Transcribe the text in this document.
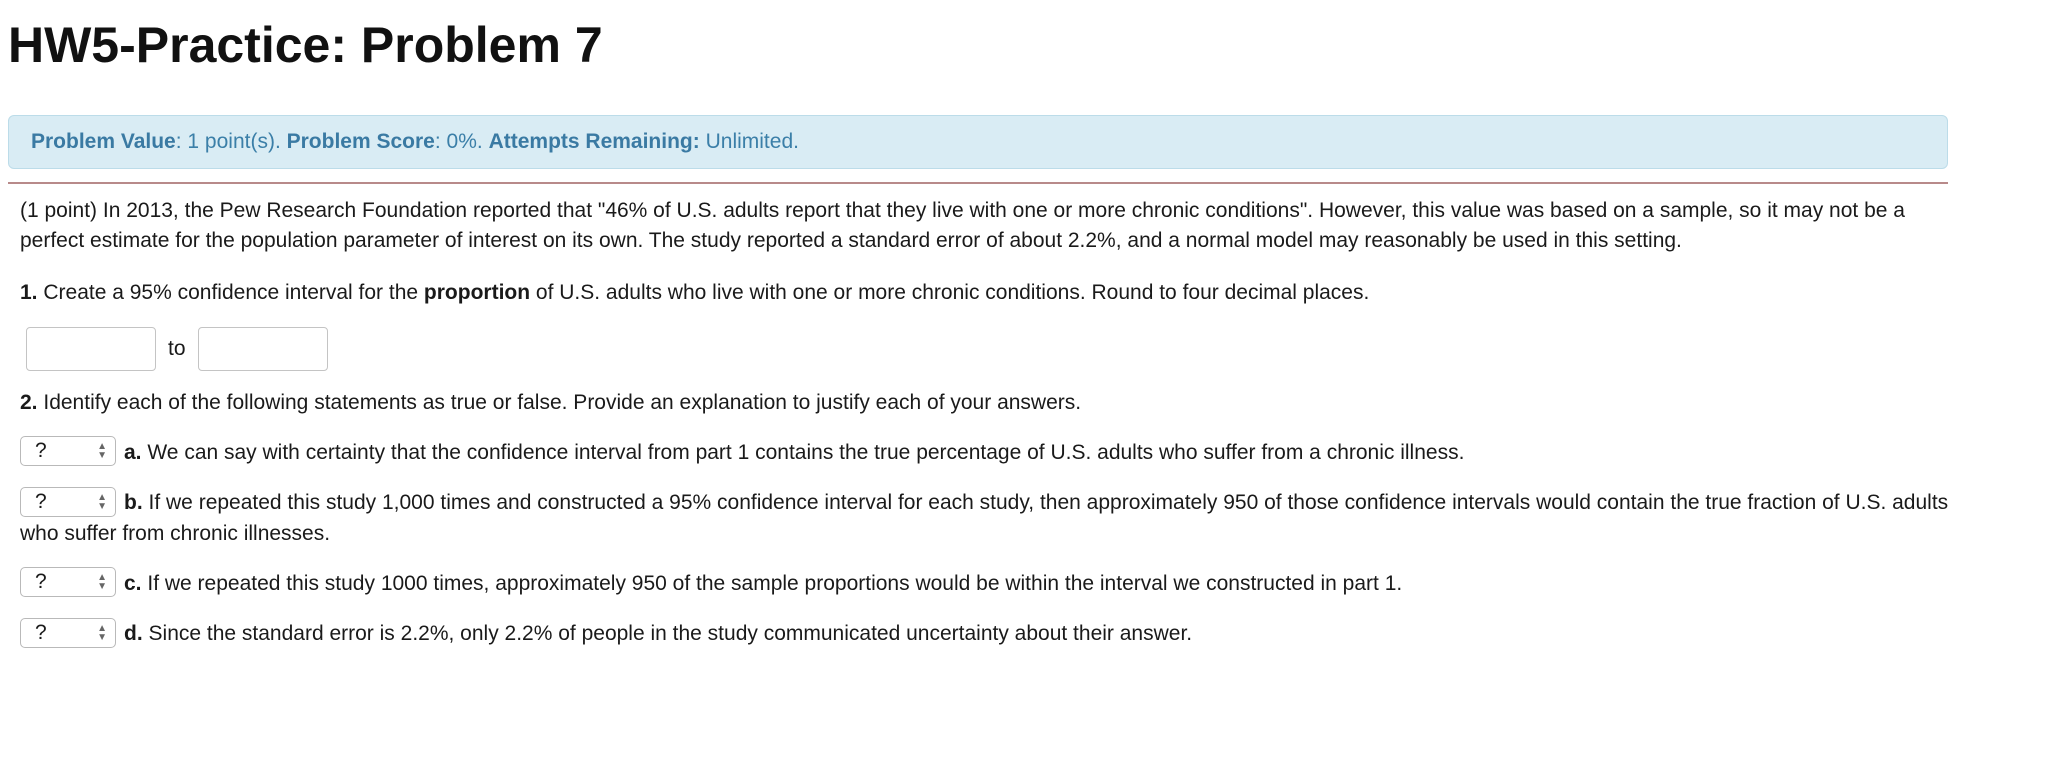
HW5-Practice: Problem 7
Problem Value : 1 point(s).
Problem Score : 0%.
Attempts Remaining:
Unlimited.

(1 point) In 2013, the Pew Research Foundation reported that "46% of U.S. adults report that they live with one or more chronic conditions". However, this value was based on a sample, so it may not be a perfect estimate for the population parameter of interest on its own. The study reported a standard error of about 2.2%, and a normal model may reasonably be used in this setting.

1. Create a 95% confidence interval for the proportion of U.S. adults who live with one or more chronic conditions. Round to four decimal places.

to

2. Identify each of the following statements as true or false. Provide an explanation to justify each of your answers.

?	▲
▼ a. We can say with certainty that the confidence interval from part 1 contains the true percentage of U.S. adults who suffer from a chronic illness.

?	▲
▼ b. If we repeated this study 1,000 times and constructed a 95% confidence interval for each study, then approximately 950 of those confidence intervals would contain the true fraction of U.S. adults who suffer from chronic illnesses.

?	▲
▼ c. If we repeated this study 1000 times, approximately 950 of the sample proportions would be within the interval we constructed in part 1.

?	▲
▼ d. Since the standard error is 2.2%, only 2.2% of people in the study communicated uncertainty about their answer.
